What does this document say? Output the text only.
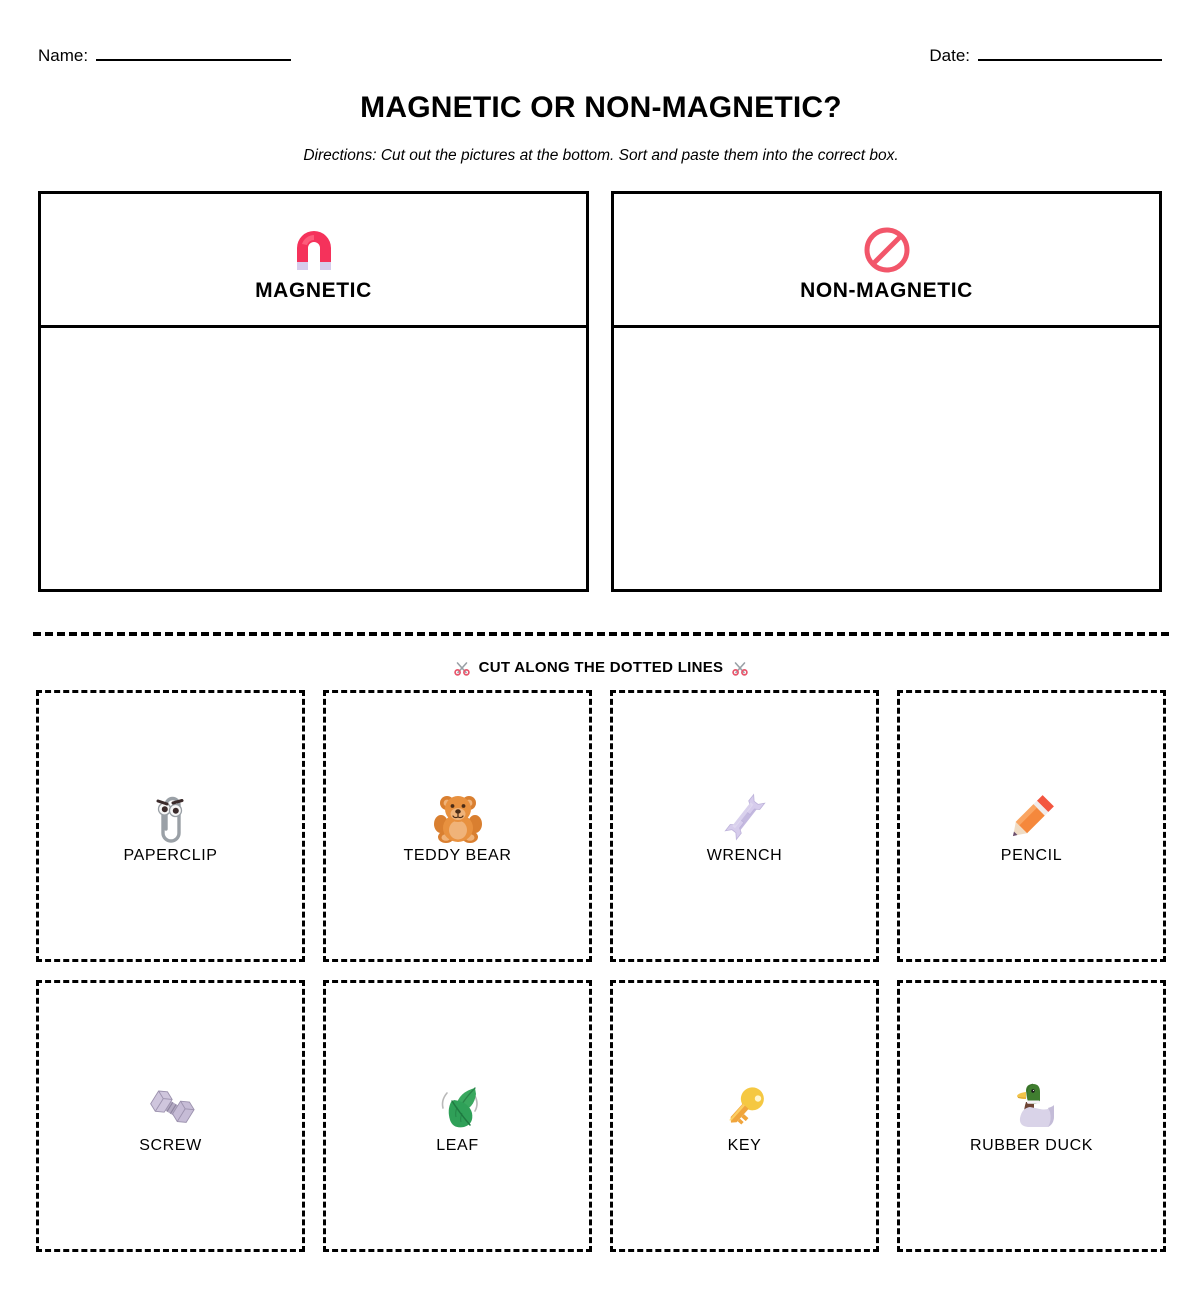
Name:	Date:
MAGNETIC OR NON-MAGNETIC?
Directions: Cut out the pictures at the bottom. Sort and paste them into the correct box.
MAGNETIC	NON-MAGNETIC
CUT ALONG THE DOTTED LINES
PAPERCLIP	TEDDY BEAR	WRENCH	PENCIL
SCREW	LEAF	KEY	RUBBER DUCK
